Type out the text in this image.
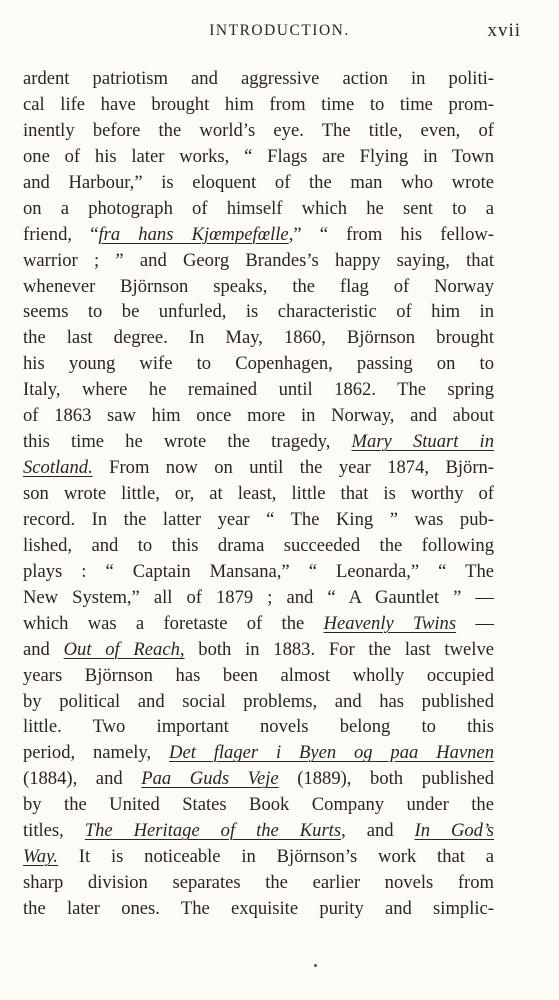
INTRODUCTION.	xvii
ardent patriotism and aggressive action in politi-
cal life have brought him from time to time prom-
inently before the world’s eye. The title, even, of
one of his later works, “ Flags are Flying in Town
and Harbour,” is eloquent of the man who wrote
on a photograph of himself which he sent to a
friend, “fra hans Kjœmpefœlle,” “ from his fellow-
warrior ; ” and Georg Brandes’s happy saying, that
whenever Björnson speaks, the flag of Norway
seems to be unfurled, is characteristic of him in
the last degree. In May, 1860, Björnson brought
his young wife to Copenhagen, passing on to
Italy, where he remained until 1862. The spring
of 1863 saw him once more in Norway, and about
this time he wrote the tragedy, Mary Stuart in
Scotland. From now on until the year 1874, Björn-
son wrote little, or, at least, little that is worthy of
record. In the latter year “ The King ” was pub-
lished, and to this drama succeeded the following
plays : “ Captain Mansana,” “ Leonarda,” “ The
New System,” all of 1879 ; and “ A Gauntlet ” —
which was a foretaste of the Heavenly Twins —
and Out of Reach, both in 1883. For the last twelve
years Björnson has been almost wholly occupied
by political and social problems, and has published
little. Two important novels belong to this
period, namely, Det flager i Byen og paa Havnen
(1884), and Paa Guds Veje (1889), both published
by the United States Book Company under the
titles, The Heritage of the Kurts, and In God’s
Way. It is noticeable in Björnson’s work that a
sharp division separates the earlier novels from
the later ones. The exquisite purity and simplic-
